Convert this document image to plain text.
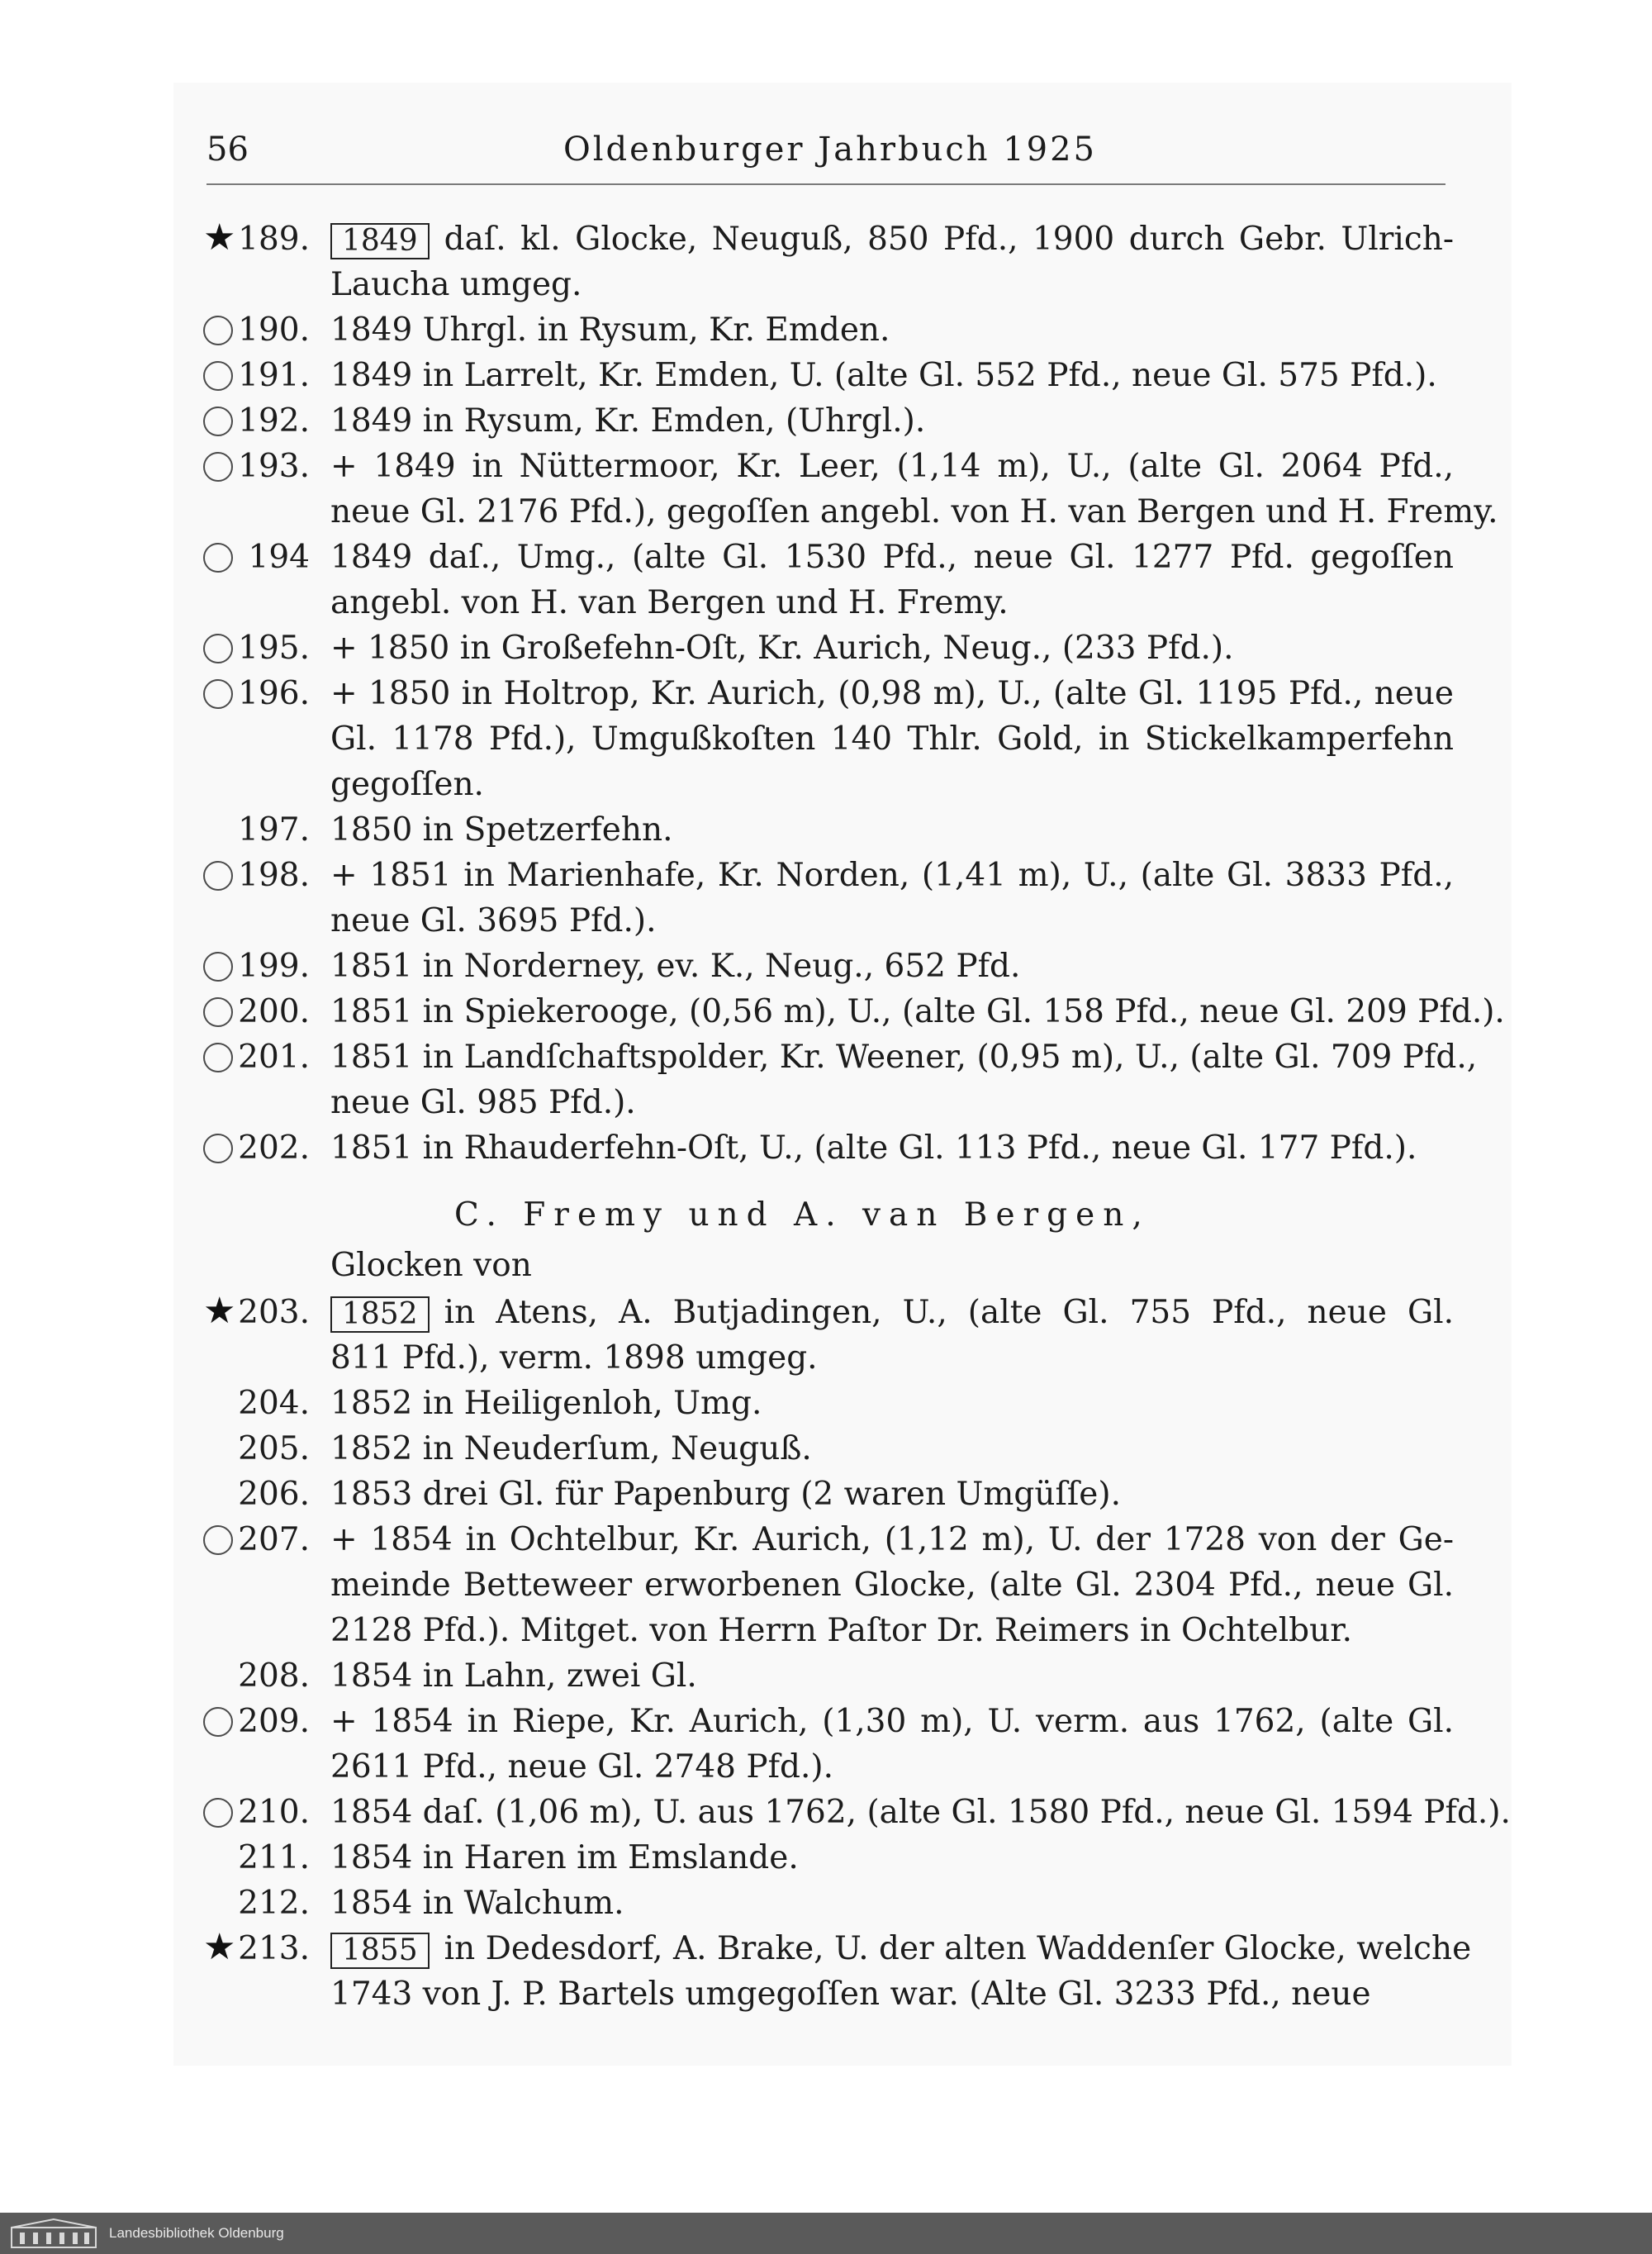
56	Oldenburger Jahrbuch 1925
★ 189.	1849 daſ. kl. Glocke, Neuguß, 850 Pfd., 1900 durch Gebr. Ulrich-
Laucha umgeg.
190. 1849 Uhrgl. in Rysum, Kr. Emden.
191. 1849 in Larrelt, Kr. Emden, U. (alte Gl. 552 Pfd., neue Gl. 575 Pfd.).
192. 1849 in Rysum, Kr. Emden, (Uhrgl.).
193. + 1849 in Nüttermoor, Kr. Leer, (1,14 m), U., (alte Gl. 2064 Pfd.,
neue Gl. 2176 Pfd.), gegoſſen angebl. von H. van Bergen und H. Fremy.
194 1849 daſ., Umg., (alte Gl. 1530 Pfd., neue Gl. 1277 Pfd. gegoſſen
angebl. von H. van Bergen und H. Fremy.
195. + 1850 in Großefehn-Oſt, Kr. Aurich, Neug., (233 Pfd.).
196. + 1850 in Holtrop, Kr. Aurich, (0,98 m), U., (alte Gl. 1195 Pfd., neue
Gl. 1178 Pfd.), Umgußkoſten 140 Thlr. Gold, in Stickelkamperfehn
gegoſſen.
197. 1850 in Spetzerfehn.
198. + 1851 in Marienhafe, Kr. Norden, (1,41 m), U., (alte Gl. 3833 Pfd.,
neue Gl. 3695 Pfd.).
199. 1851 in Norderney, ev. K., Neug., 652 Pfd.
200. 1851 in Spiekeroogе, (0,56 m), U., (alte Gl. 158 Pfd., neue Gl. 209 Pfd.).
201. 1851 in Landſchaftspolder, Kr. Weener, (0,95 m), U., (alte Gl. 709 Pfd.,
neue Gl. 985 Pfd.).
202. 1851 in Rhauderfehn-Oſt, U., (alte Gl. 113 Pfd., neue Gl. 177 Pfd.).
C. Fremy und A. van Bergen,
Glocken von
★ 203.	1852 in Atens, A. Butjadingen, U., (alte Gl. 755 Pfd., neue Gl.
811 Pfd.), verm. 1898 umgeg.
204. 1852 in Heiligenloh, Umg.
205. 1852 in Neuderſum, Neuguß.
206. 1853 drei Gl. für Papenburg (2 waren Umgüſſe).
207. + 1854 in Ochtelbur, Kr. Aurich, (1,12 m), U. der 1728 von der Ge-
meinde Bettewеer erworbenen Glocke, (alte Gl. 2304 Pfd., neue Gl.
2128 Pfd.). Mitget. von Herrn Paſtor Dr. Reimers in Ochtelbur.
208. 1854 in Lahn, zwei Gl.
209. + 1854 in Riepe, Kr. Aurich, (1,30 m), U. verm. aus 1762, (alte Gl.
2611 Pfd., neue Gl. 2748 Pfd.).
210. 1854 daſ. (1,06 m), U. aus 1762, (alte Gl. 1580 Pfd., neue Gl. 1594 Pfd.).
211. 1854 in Haren im Emslande.
212. 1854 in Walchum.
★ 213.	1855 in Dedesdorf, A. Brake, U. der alten Waddenſer Glocke, welche
1743 von J. P. Bartels umgegoſſen war. (Alte Gl. 3233 Pfd., neue
Landesbibliothek Oldenburg
